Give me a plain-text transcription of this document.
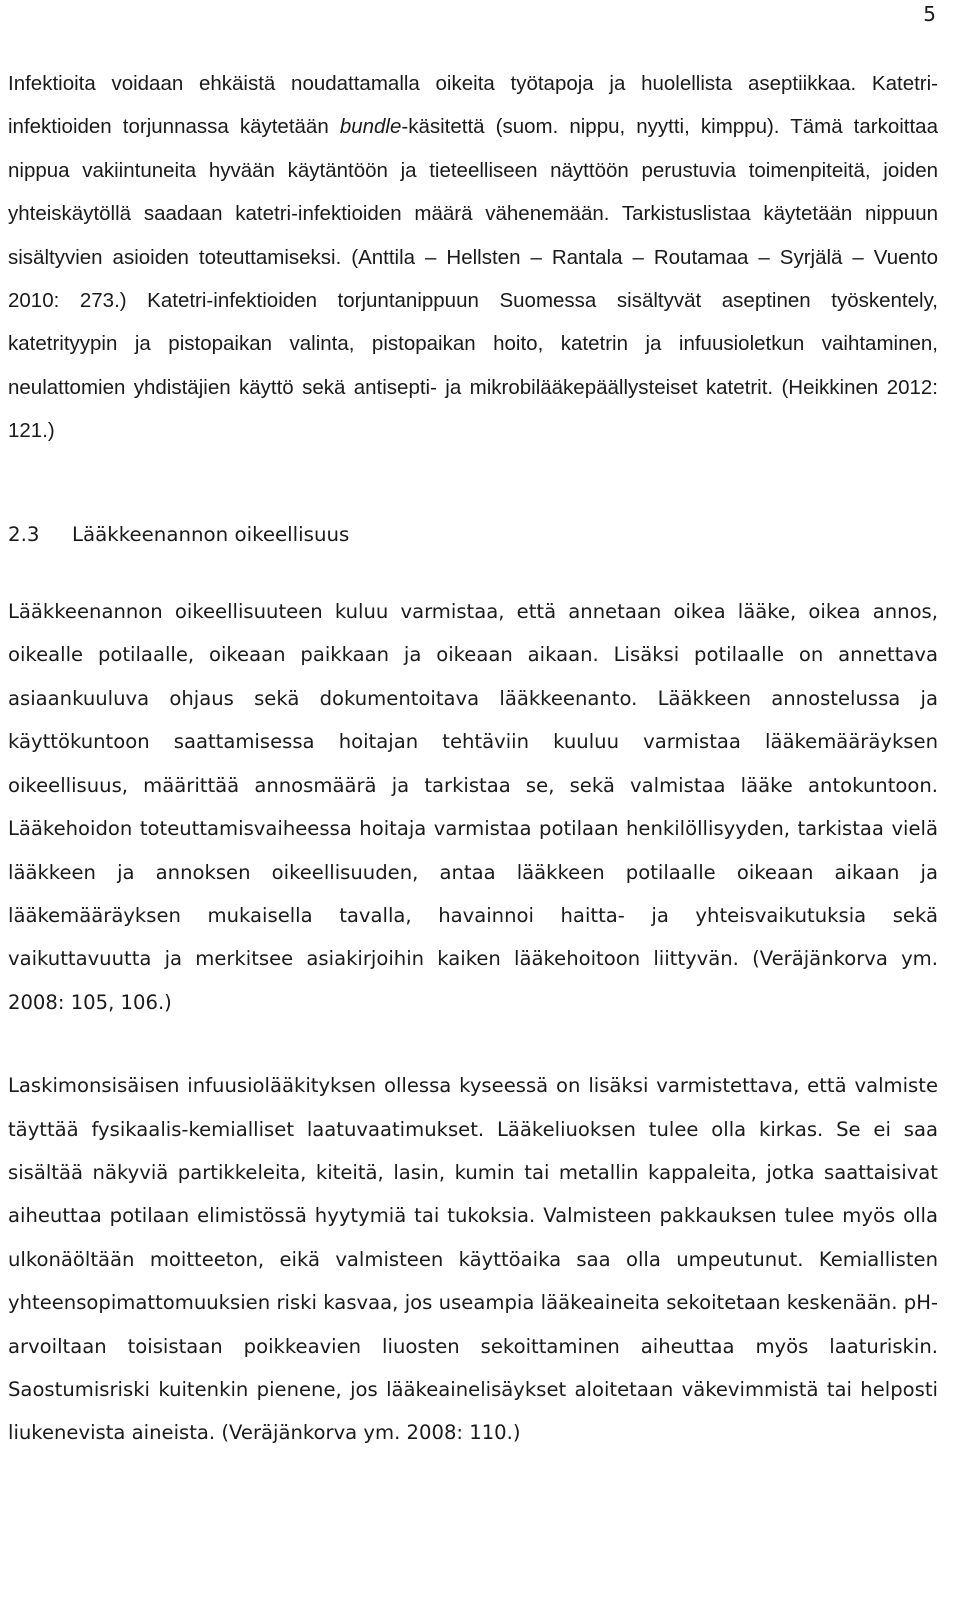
5

Infektioita voidaan ehkäistä noudattamalla oikeita työtapoja ja huolellista aseptiikkaa. Katetri-infektioiden torjunnassa käytetään bundle-käsitettä (suom. nippu, nyytti, kimppu). Tämä tarkoittaa nippua vakiintuneita hyvään käytäntöön ja tieteelliseen näyttöön perustuvia toimenpiteitä, joiden yhteiskäytöllä saadaan katetri-infektioiden määrä vähenemään. Tarkistuslistaa käytetään nippuun sisältyvien asioiden toteuttamiseksi. (Anttila – Hellsten – Rantala – Routamaa – Syrjälä – Vuento 2010: 273.) Katetri-infektioiden torjuntanippuun Suomessa sisältyvät aseptinen työskentely, katetrityypin ja pistopaikan valinta, pistopaikan hoito, katetrin ja infuusioletkun vaihtaminen, neulattomien yhdistäjien käyttö sekä antisepti- ja mikrobilääkepäällysteiset katetrit. (Heikkinen 2012: 121.)

2.3 Lääkkeenannon oikeellisuus

Lääkkeenannon oikeellisuuteen kuluu varmistaa, että annetaan oikea lääke, oikea annos, oikealle potilaalle, oikeaan paikkaan ja oikeaan aikaan. Lisäksi potilaalle on annettava asiaankuuluva ohjaus sekä dokumentoitava lääkkeenanto. Lääkkeen annostelussa ja käyttökuntoon saattamisessa hoitajan tehtäviin kuuluu varmistaa lääkemääräyksen oikeellisuus, määrittää annosmäärä ja tarkistaa se, sekä valmistaa lääke antokuntoon. Lääkehoidon toteuttamisvaiheessa hoitaja varmistaa potilaan henkilöllisyyden, tarkistaa vielä lääkkeen ja annoksen oikeellisuuden, antaa lääkkeen potilaalle oikeaan aikaan ja lääkemääräyksen mukaisella tavalla, havainnoi haitta- ja yhteisvaikutuksia sekä vaikuttavuutta ja merkitsee asiakirjoihin kaiken lääkehoitoon liittyvän. (Veräjänkorva ym. 2008: 105, 106.)

Laskimonsisäisen infuusiolääkityksen ollessa kyseessä on lisäksi varmistettava, että valmiste täyttää fysikaalis-kemialliset laatuvaatimukset. Lääkeliuoksen tulee olla kirkas. Se ei saa sisältää näkyviä partikkeleita, kiteitä, lasin, kumin tai metallin kappaleita, jotka saattaisivat aiheuttaa potilaan elimistössä hyytymiä tai tukoksia. Valmisteen pakkauksen tulee myös olla ulkonäöltään moitteeton, eikä valmisteen käyttöaika saa olla umpeutunut. Kemiallisten yhteensopimattomuuksien riski kasvaa, jos useampia lääkeaineita sekoitetaan keskenään. pH-arvoiltaan toisistaan poikkeavien liuosten sekoittaminen aiheuttaa myös laaturiskin. Saostumisriski kuitenkin pienene, jos lääkeainelisäykset aloitetaan väkevimmistä tai helposti liukenevista aineista. (Veräjänkorva ym. 2008: 110.)
